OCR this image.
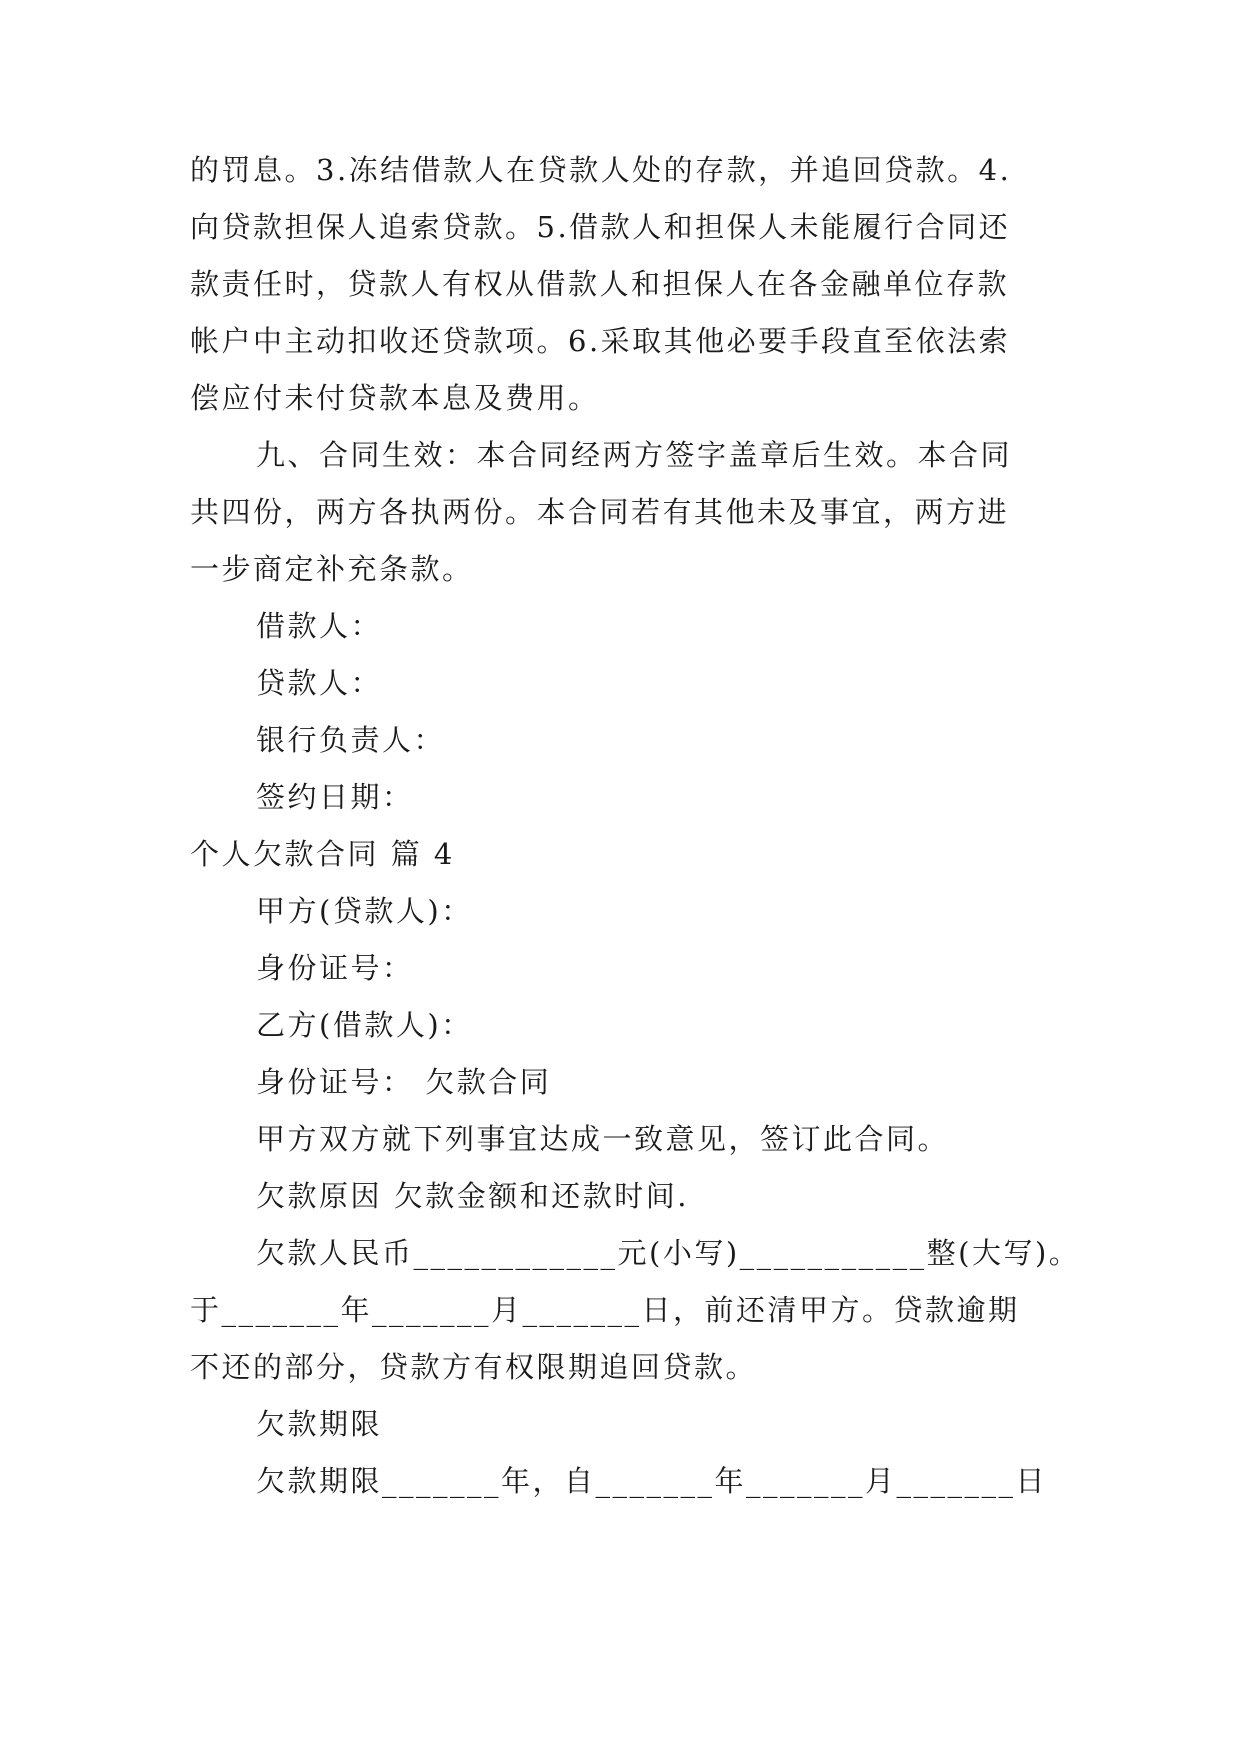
的罚息。3.冻结借款人在贷款人处的存款，并追回贷款。4.
向贷款担保人追索贷款。5.借款人和担保人未能履行合同还
款责任时，贷款人有权从借款人和担保人在各金融单位存款
帐户中主动扣收还贷款项。6.采取其他必要手段直至依法索
偿应付未付贷款本息及费用。
九、合同生效：本合同经两方签字盖章后生效。本合同
共四份，两方各执两份。本合同若有其他未及事宜，两方进
一步商定补充条款。
借款人：
贷款人：
银行负责人：
签约日期：
个人欠款合同 篇 4
甲方(贷款人)：
身份证号：
乙方(借款人)：
身份证号： 欠款合同
甲方双方就下列事宜达成一致意见，签订此合同。
欠款原因 欠款金额和还款时间.
欠款人民币____________元(小写)___________整(大写)。
于_______年_______月_______日，前还清甲方。贷款逾期
不还的部分，贷款方有权限期追回贷款。
欠款期限
欠款期限_______年，自_______年_______月_______日
